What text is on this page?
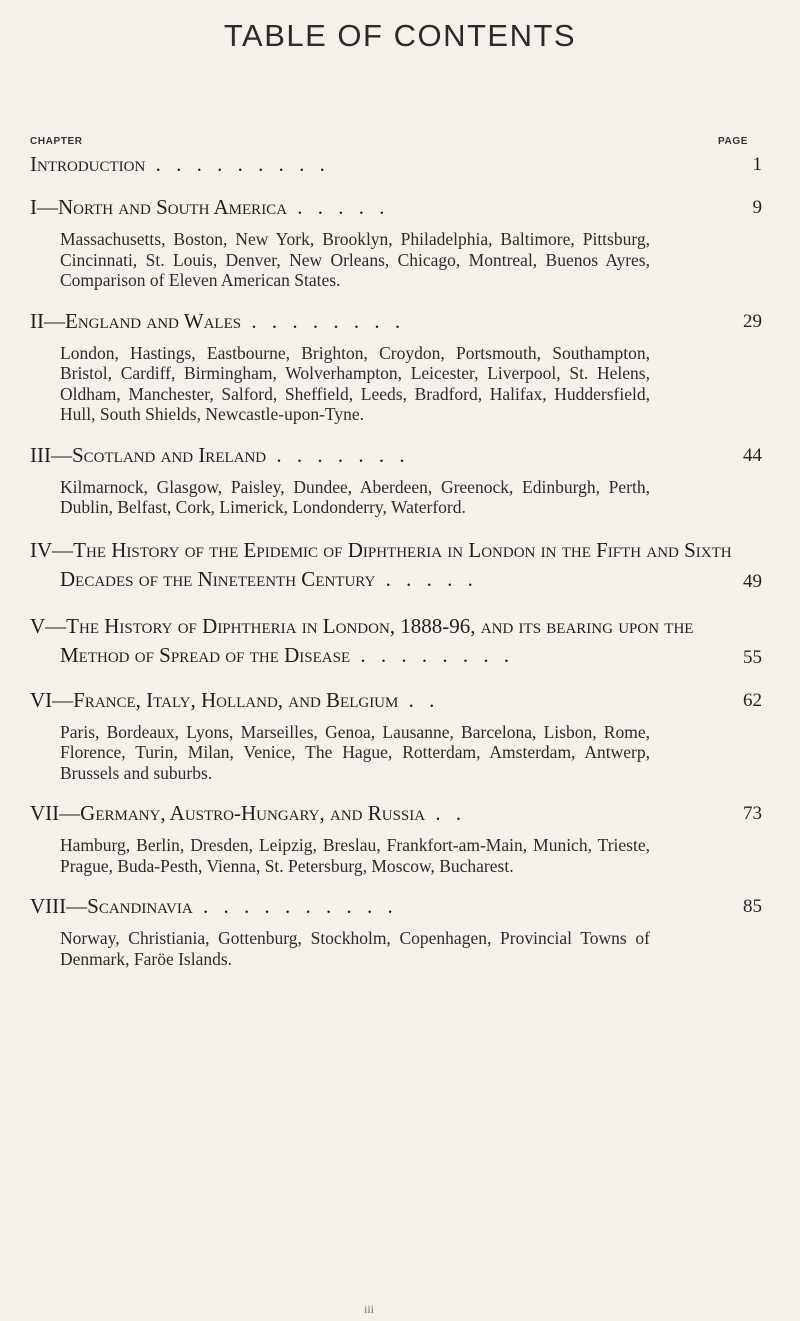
TABLE OF CONTENTS
CHAPTER	PAGE
Introduction . . . . . . . . .	1
I—North and South America . . . . .	9
Massachusetts, Boston, New York, Brooklyn, Philadelphia, Baltimore, Pittsburg, Cincinnati, St. Louis, Denver, New Orleans, Chicago, Montreal, Buenos Ayres, Comparison of Eleven American States.
II—England and Wales . . . . . . . .	29
London, Hastings, Eastbourne, Brighton, Croydon, Portsmouth, Southampton, Bristol, Cardiff, Birmingham, Wolverhampton, Leicester, Liverpool, St. Helens, Oldham, Manchester, Salford, Sheffield, Leeds, Bradford, Halifax, Huddersfield, Hull, South Shields, Newcastle-upon-Tyne.
III—Scotland and Ireland . . . . . . .	44
Kilmarnock, Glasgow, Paisley, Dundee, Aberdeen, Greenock, Edinburgh, Perth, Dublin, Belfast, Cork, Limerick, Londonderry, Waterford.
IV—The History of the Epidemic of Diphtheria in London in the Fifth and Sixth Decades of the Nineteenth Century . . . . .	49
V—The History of Diphtheria in London, 1888-96, and its bearing upon the Method of Spread of the Disease . . . . . . . .	55
VI—France, Italy, Holland, and Belgium . .	62
Paris, Bordeaux, Lyons, Marseilles, Genoa, Lausanne, Barcelona, Lisbon, Rome, Florence, Turin, Milan, Venice, The Hague, Rotterdam, Amsterdam, Antwerp, Brussels and suburbs.
VII—Germany, Austro-Hungary, and Russia . .	73
Hamburg, Berlin, Dresden, Leipzig, Breslau, Frankfort-am-Main, Munich, Trieste, Prague, Buda-Pesth, Vienna, St. Petersburg, Moscow, Bucharest.
VIII—Scandinavia . . . . . . . . . .	85
Norway, Christiania, Gottenburg, Stockholm, Copenhagen, Provincial Towns of Denmark, Faröe Islands.
iii
